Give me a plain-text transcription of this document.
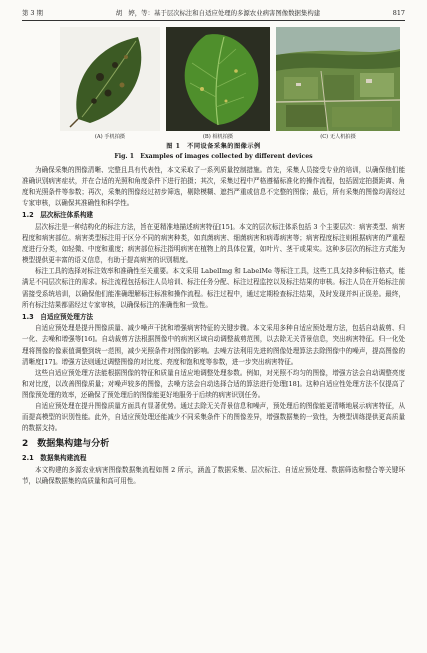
第 3 期	胡　婷，等：基于层次标注和自适应处理的多源农业病害图像数据集构建	817
(A) 手机拍摄	(B) 相机拍摄	(C) 无人机拍摄
图 1　不同设备采集的图像示例
Fig. 1　Examples of images collected by different devices

为确保采集的图像清晰、完整且具有代表性，本文采取了一系列质量控制措施。首先，采集人员接受专业的培训，以确保他们能准确识别病害症状，并在合适的光照和角度条件下进行拍摄；其次，采集过程中严格遵循标准化的操作流程，包括固定拍摄距离、角度和光照条件等参数；再次，采集的图像经过初步筛选，剔除模糊、遮挡严重或信息不完整的图像；最后，所有采集的图像均需经过专家审核，以确保其准确性和科学性。

1.2　层次标注体系构建

层次标注是一种结构化的标注方法，旨在更精准地描述病害特征[15]。本文的层次标注体系包括 3 个主要层次：病害类型、病害程度和病害部位。病害类型标注用于区分不同的病害种类，如真菌病害、细菌病害和病毒病害等；病害程度标注则根据病害的严重程度进行分类，如轻微、中度和重度；病害部位标注指明病害在植物上的具体位置，如叶片、茎干或果实。这种多层次的标注方式能为模型提供更丰富的语义信息，有助于提高病害的识别精度。

标注工具的选择对标注效率和准确性至关重要。本文采用 LabelImg 和 LabelMe 等标注工具，这些工具支持多种标注格式，能满足不同层次标注的需求。标注流程包括标注人员培训、标注任务分配、标注过程监控以及标注结果的审核。标注人员在开始标注前需接受系统培训，以确保他们能准确理解标注标准和操作流程。标注过程中，通过定期检查标注结果，及时发现并纠正误差。最终，所有标注结果都需经过专家审核，以确保标注的准确性和一致性。

1.3　自适应预处理方法

自适应预处理是提升图像质量、减少噪声干扰和增强病害特征的关键步骤。本文采用多种自适应预处理方法，包括自动裁剪、归一化、去噪和增强等[16]。自动裁剪方法根据图像中的病害区域自动调整裁剪范围，以去除无关背景信息，突出病害特征。归一化处理将图像的像素值调整到统一范围，减少光照条件对图像的影响。去噪方法利用先进的图像处理算法去除图像中的噪声，提高图像的清晰度[17]。增强方法则通过调整图像的对比度、亮度和饱和度等参数，进一步突出病害特征。

这些自适应预处理方法能根据图像的特征和质量自适应地调整处理参数。例如，对光照不均匀的图像，增强方法会自动调整亮度和对比度，以改善图像质量；对噪声较多的图像，去噪方法会自动选择合适的算法进行处理[18]。这种自适应性处理方法不仅提高了图像预处理的效率，还确保了预处理后的图像能更好地服务于后续的病害识别任务。

自适应预处理在提升图像质量方面具有显著优势。通过去除无关背景信息和噪声，预处理后的图像能更清晰地展示病害特征，从而提高模型的识别性能。此外，自适应预处理还能减少不同采集条件下的图像差异，增强数据集的一致性，为模型训练提供更高质量的数据支持。

2　数据集构建与分析
2.1　数据集构建流程

本文构建的多源农业病害图像数据集流程如图 2 所示，涵盖了数据采集、层次标注、自适应预处理、数据筛选和整合等关键环节，以确保数据集的高质量和高可用性。
